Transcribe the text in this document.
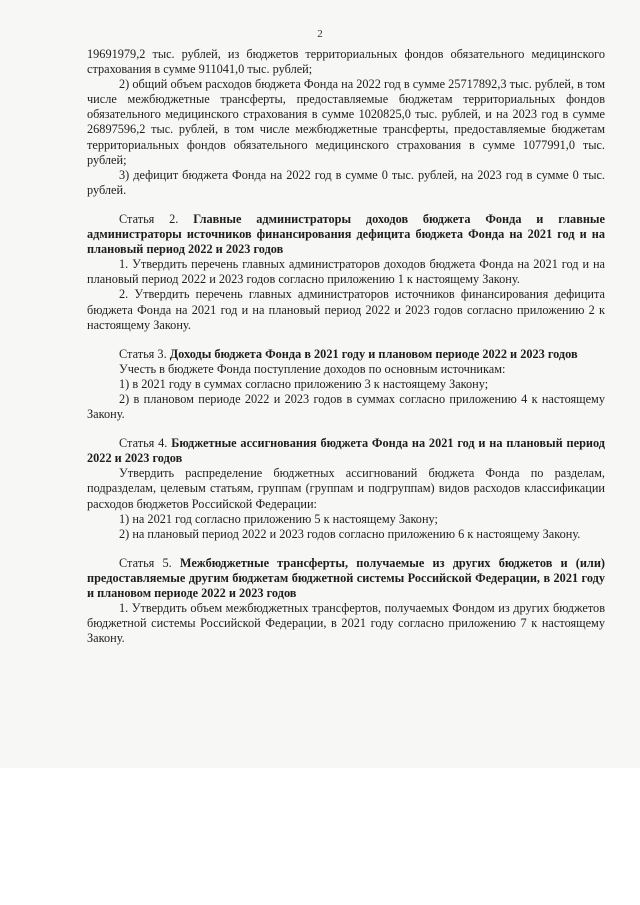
2

19691979,2 тыс. рублей, из бюджетов территориальных фондов обязательного медицинского страхования в сумме 911041,0 тыс. рублей;

2) общий объем расходов бюджета Фонда на 2022 год в сумме 25717892,3 тыс. рублей, в том числе межбюджетные трансферты, предоставляемые бюджетам территориальных фондов обязательного медицинского страхования в сумме 1020825,0 тыс. рублей, и на 2023 год в сумме 26897596,2 тыс. рублей, в том числе межбюджетные трансферты, предоставляемые бюджетам территориальных фондов обязательного медицинского страхования в сумме 1077991,0 тыс. рублей;

3) дефицит бюджета Фонда на 2022 год в сумме 0 тыс. рублей, на 2023 год в сумме 0 тыс. рублей.

Статья 2. Главные администраторы доходов бюджета Фонда и главные администраторы источников финансирования дефицита бюджета Фонда на 2021 год и на плановый период 2022 и 2023 годов

1. Утвердить перечень главных администраторов доходов бюджета Фонда на 2021 год и на плановый период 2022 и 2023 годов согласно приложению 1 к настоящему Закону.

2. Утвердить перечень главных администраторов источников финансирования дефицита бюджета Фонда на 2021 год и на плановый период 2022 и 2023 годов согласно приложению 2 к настоящему Закону.

Статья 3. Доходы бюджета Фонда в 2021 году и плановом периоде 2022 и 2023 годов

Учесть в бюджете Фонда поступление доходов по основным источникам:

1) в 2021 году в суммах согласно приложению 3 к настоящему Закону;

2) в плановом периоде 2022 и 2023 годов в суммах согласно приложению 4 к настоящему Закону.

Статья 4. Бюджетные ассигнования бюджета Фонда на 2021 год и на плановый период 2022 и 2023 годов

Утвердить распределение бюджетных ассигнований бюджета Фонда по разделам, подразделам, целевым статьям, группам (группам и подгруппам) видов расходов классификации расходов бюджетов Российской Федерации:

1) на 2021 год согласно приложению 5 к настоящему Закону;

2) на плановый период 2022 и 2023 годов согласно приложению 6 к настоящему Закону.

Статья 5. Межбюджетные трансферты, получаемые из других бюджетов и (или) предоставляемые другим бюджетам бюджетной системы Российской Федерации, в 2021 году и плановом периоде 2022 и 2023 годов

1. Утвердить объем межбюджетных трансфертов, получаемых Фондом из других бюджетов бюджетной системы Российской Федерации, в 2021 году согласно приложению 7 к настоящему Закону.
